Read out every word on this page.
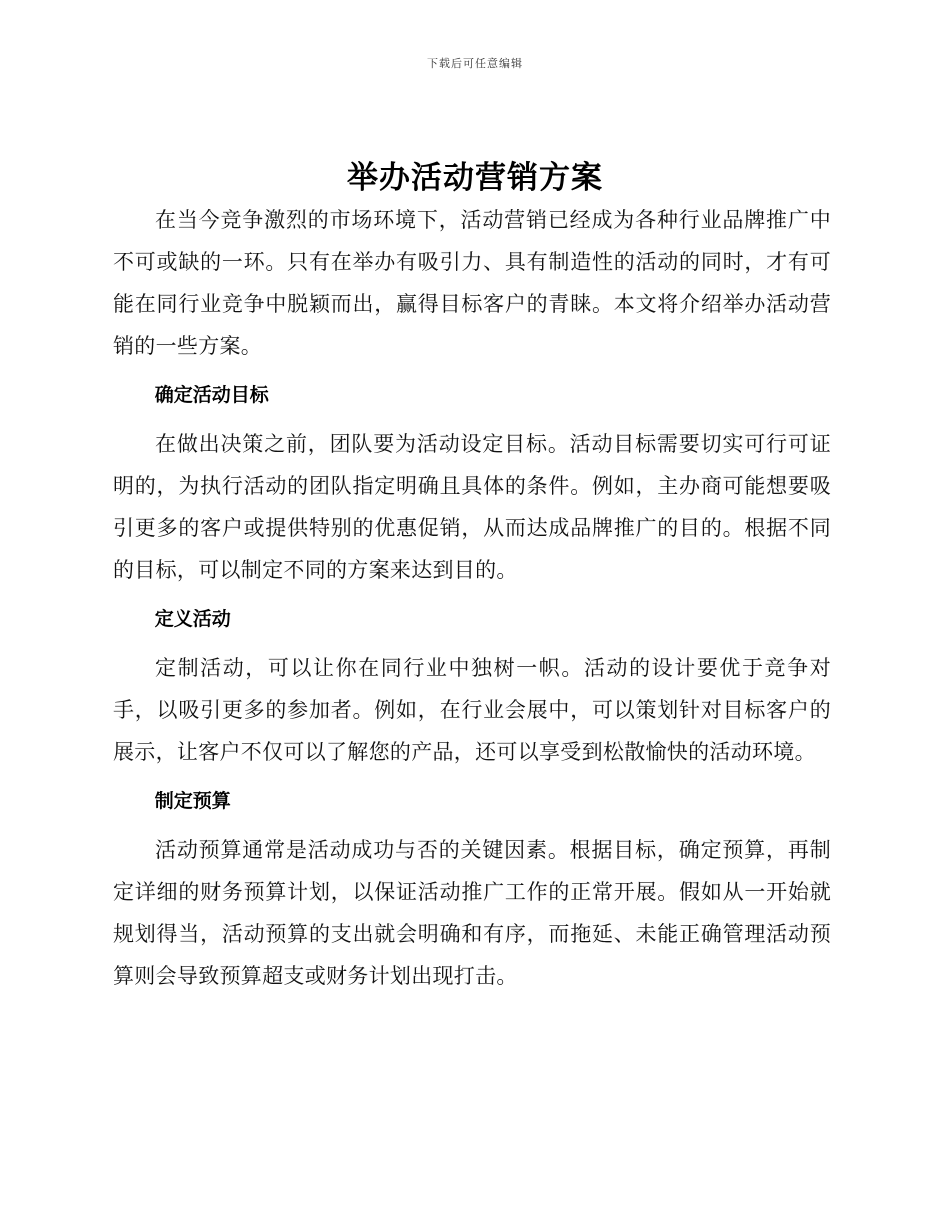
下载后可任意编辑
举办活动营销方案

在当今竞争激烈的市场环境下，活动营销已经成为各种行业品牌推广中不可或缺的一环。只有在举办有吸引力、具有制造性的活动的同时，才有可能在同行业竞争中脱颖而出，赢得目标客户的青睐。本文将介绍举办活动营销的一些方案。

确定活动目标

在做出决策之前，团队要为活动设定目标。活动目标需要切实可行可证明的，为执行活动的团队指定明确且具体的条件。例如，主办商可能想要吸引更多的客户或提供特别的优惠促销，从而达成品牌推广的目的。根据不同的目标，可以制定不同的方案来达到目的。

定义活动

定制活动，可以让你在同行业中独树一帜。活动的设计要优于竞争对手，以吸引更多的参加者。例如，在行业会展中，可以策划针对目标客户的展示，让客户不仅可以了解您的产品，还可以享受到松散愉快的活动环境。

制定预算

活动预算通常是活动成功与否的关键因素。根据目标，确定预算，再制定详细的财务预算计划，以保证活动推广工作的正常开展。假如从一开始就规划得当，活动预算的支出就会明确和有序，而拖延、未能正确管理活动预算则会导致预算超支或财务计划出现打击。
